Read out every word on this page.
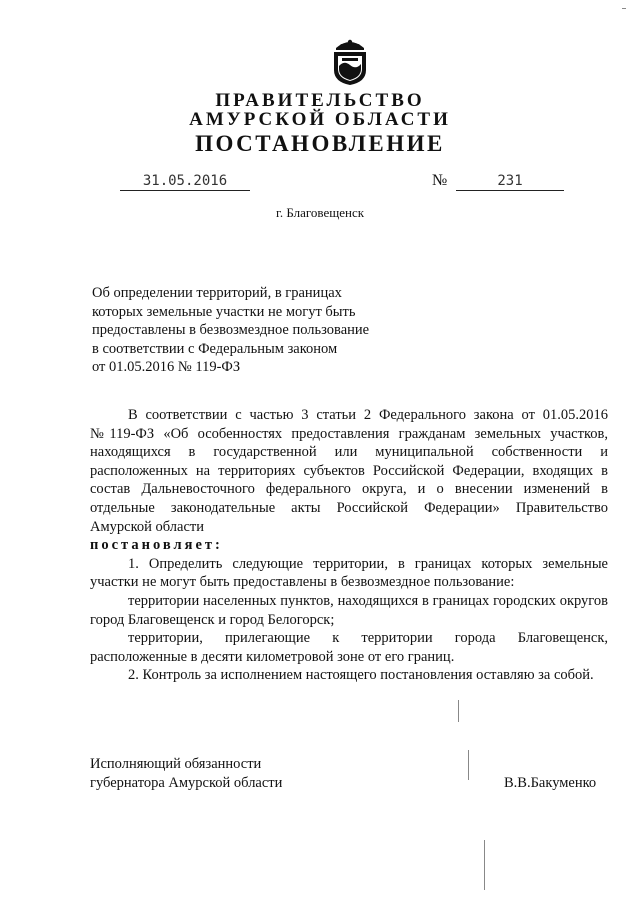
ПРАВИТЕЛЬСТВО
АМУРСКОЙ ОБЛАСТИ
ПОСТАНОВЛЕНИЕ
31.05.2016	№	231
г. Благовещенск
Об определении территорий, в границах
которых земельные участки не могут быть
предоставлены в безвозмездное пользование
в соответствии с Федеральным законом
от 01.05.2016 № 119-ФЗ

В соответствии с частью 3 статьи 2 Федерального закона от 01.05.2016 №119-ФЗ «Об особенностях предоставления гражданам земельных участков, находящихся в государственной или муниципальной собственности и расположенных на территориях субъектов Российской Федерации, входящих в состав Дальневосточного федерального округа, и о внесении изменений в отдельные законодательные акты Российской Федерации» Правительство Амурской области

постановляет:

1. Определить следующие территории, в границах которых земельные участки не могут быть предоставлены в безвозмездное пользование:

территории населенных пунктов, находящихся в границах городских округов город Благовещенск и город Белогорск;

территории, прилегающие к территории города Благовещенск, расположенные в десяти километровой зоне от его границ.

2. Контроль за исполнением настоящего постановления оставляю за собой.

Исполняющий обязанности
губернатора Амурской области	В.В.Бакуменко
